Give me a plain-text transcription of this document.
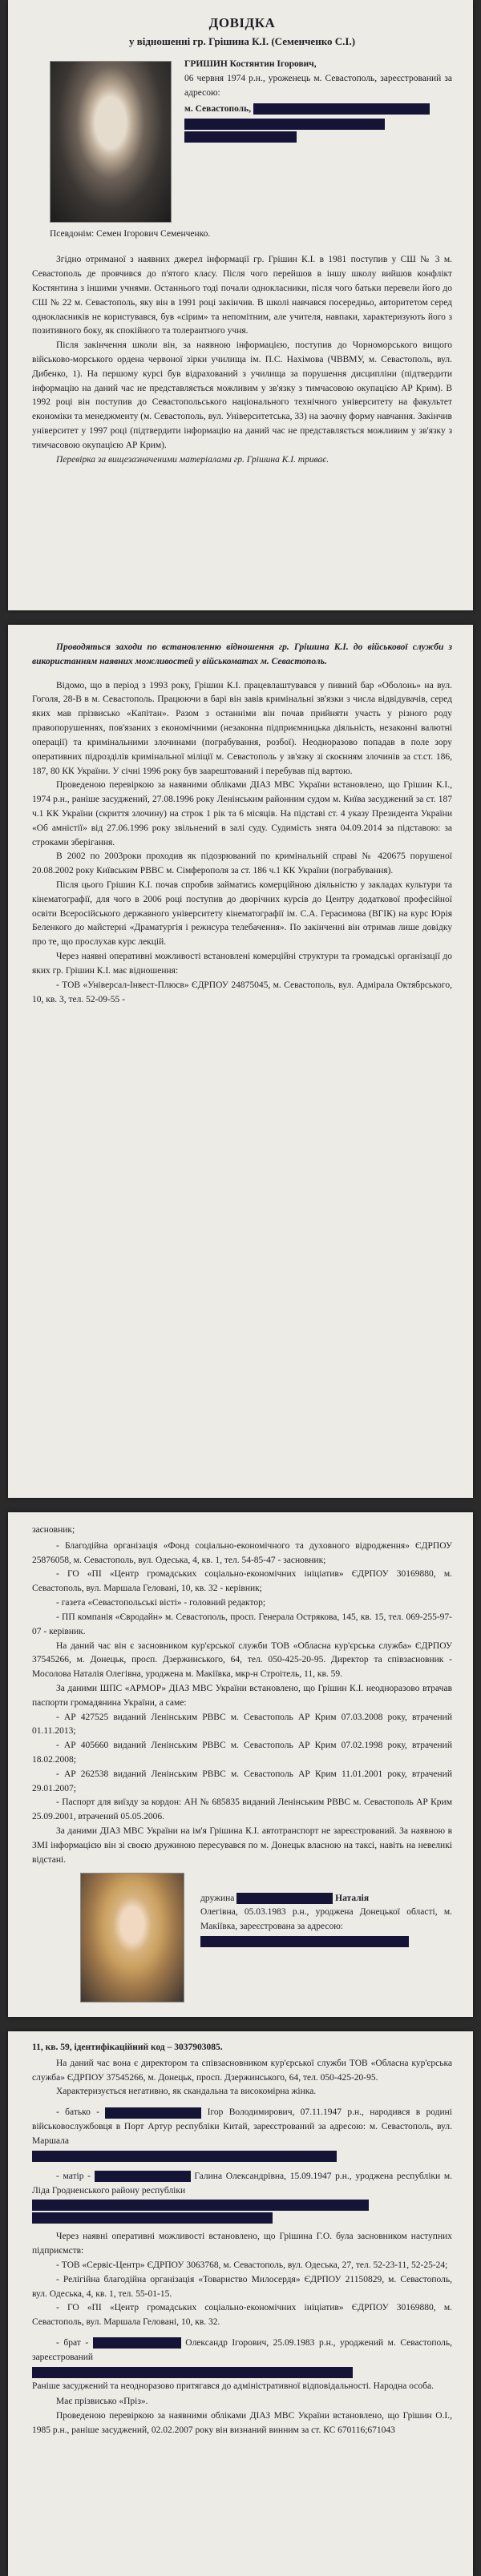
ДОВІДКА
у відношенні гр. Грішина К.І. (Семенченко С.І.)
ГРИШИН Костянтин Ігорович,
06 червня 1974 р.н., уроженець м. Севастополь, зареєстрований за адресою:
м. Севастополь,

Псевдонім: Семен Ігорович Семенченко.

Згідно отриманої з наявних джерел інформації гр. Грішин К.І. в 1981 поступив у СШ № 3 м. Севастополь де провчився до п'ятого класу. Після чого перейшов в іншу школу вийшов конфлікт Костянтина з іншими учнями. Останнього тоді почали однокласники, після чого батьки перевели його до СШ № 22 м. Севастополь, яку він в 1991 році закінчив. В школі навчався посередньо, авторитетом серед однокласників не користувався, був «сірим» та непомітним, але учителя, навпаки, характеризують його з позитивного боку, як спокійного та толерантного учня.

Після закінчення школи він, за наявною інформацією, поступив до Чорноморського вищого військово-морського ордена червоної зірки училища ім. П.С. Нахімова (ЧВВМУ, м. Севастополь, вул. Дибенко, 1). На першому курсі був відрахований з училища за порушення дисципліни (підтвердити інформацію на даний час не представляється можливим у зв'язку з тимчасовою окупацією АР Крим). В 1992 році він поступив до Севастопольського національного технічного університету на факультет економіки та менеджменту (м. Севастополь, вул. Університетська, 33) на заочну форму навчання. Закінчив університет у 1997 році (підтвердити інформацію на даний час не представляється можливим у зв'язку з тимчасовою окупацією АР Крим).

Перевірка за вищезазначеними матеріалами гр. Грішина К.І. триває.

Проводяться заходи по встановленню відношення гр. Грішина К.І. до військової служби з використанням наявних можливостей у військоматах м. Севастополь.

Відомо, що в період з 1993 року, Грішин К.І. працевлаштувався у пивний бар «Оболонь» на вул. Гоголя, 28-В в м. Севастополь. Працюючи в барі він завів кримінальні зв'язки з числа відвідувачів, серед яких мав прізвисько «Капітан». Разом з останніми він почав прийняти участь у рiзного роду правопорушеннях, пов'язаних з економічними (незаконна підприємницька діяльність, незаконні валютні операції) та кримінальними злочинами (пограбування, розбої). Неодноразово попадав в поле зору оперативних підрозділів кримінальної міліції м. Севастополь у зв'язку зі скоєнням злочинів за ст.ст. 186, 187, 80 КК України. У січні 1996 року був заарештований і перебував під вартою.

Проведеною перевіркою за наявними обліками ДІАЗ МВС України встановлено, що Грішин К.І., 1974 р.н., раніше засуджений, 27.08.1996 року Ленінським районним судом м. Київа засуджений за ст. 187 ч.1 КК України (скриття злочину) на строк 1 рік та 6 місяців. На підставі ст. 4 указу Президента України «Об амністії» від 27.06.1996 року звільнений в залі суду. Судимість знята 04.09.2014 за підставою: за строками зберігання.

В 2002 по 2003роки проходив як підозрюваний по кримінальній справі № 420675 порушеної 20.08.2002 року Київським РВВС м. Сімферополя за ст. 186 ч.1 КК України (пограбування).

Після цього Грішин К.І. почав спробив займатись комерційною діяльністю у закладах культури та кінематографії, для чого в 2006 році поступив до дворічних курсів до Центру додаткової професійної освіти Всеросійського державного університету кінематографії ім. С.А. Герасимова (ВГІК) на курс Юрія Беленкого до майстерні «Драматургія і режисура телебачення». По закінченні він отримав лише довідку про те, що прослухав курс лекцій.

Через наявні оперативні можливості встановлені комерційні структури та громадські організації до яких гр. Грішин К.І. має відношення:

- ТОВ «Універсал-Інвест-Плюсв» ЄДРПОУ 24875045, м. Севастополь, вул. Адмірала Октябрського, 10, кв. 3, тел. 52-09-55 -

засновник;

- Благодійна організація «Фонд соціально-економічного та духовного відродження» ЄДРПОУ 25876058, м. Севастополь, вул. Одеська, 4, кв. 1, тел. 54-85-47 - засновник;

- ГО «ПІ «Центр громадських соціально-економічних ініціатив» ЄДРПОУ 30169880, м. Севастополь, вул. Маршала Геловані, 10, кв. 32 - керівник;

- газета «Севастопольські вісті» - головний редактор;

- ПП компанія «Євродайн» м. Севастополь, просп. Генерала Острякова, 145, кв. 15, тел. 069-255-97-07 - керівник.

На даний час він є засновником кур'єрської служби ТОВ «Обласна кур'єрська служба» ЄДРПОУ 37545266, м. Донецьк, просп. Дзержинського, 64, тел. 050-425-20-95. Директор та співзасновник - Мосолова Наталія Олегівна, уроджена м. Макіївка, мкр-н Строітель, 11, кв. 59.

За даними ШПС «АРМОР» ДІАЗ МВС України встановлено, що Грішин К.І. неодноразово втрачав паспорти громадянина України, а саме:

- АР 427525 виданий Ленінським РВВС м. Севастополь АР Крим 07.03.2008 року, втрачений 01.11.2013;

- АР 405660 виданий Ленінським РВВС м. Севастополь АР Крим 07.02.1998 року, втрачений 18.02.2008;

- АР 262538 виданий Ленінським РВВС м. Севастополь АР Крим 11.01.2001 року, втрачений 29.01.2007;

- Паспорт для виїзду за кордон: АН № 685835 виданий Ленінським РВВС м. Севастополь АР Крим 25.09.2001, втрачений 05.05.2006.

За даними ДІАЗ МВС України на ім'я Грішина К.І. автотранспорт не зареєстрований. За наявною в ЗМІ інформацією він зі своєю дружиною пересувався по м. Донецьк власною на таксі, навіть на невеликі відстані.

дружина	Наталія

Олегівна, 05.03.1983 р.н., уроджена Донецької області, м. Макіївка, зареєстрована за адресою:

11, кв. 59, ідентифікаційний код – 3037903085.

На даний час вона є директором та співзасновником кур'єрської служби ТОВ «Обласна кур'єрська служба» ЄДРПОУ 37545266, м. Донецьк, просп. Дзержинського, 64, тел. 050-425-20-95.

Характеризується негативно, як скандальна та високомірна жінка.

- батько -	Ігор Володимирович, 07.11.1947 р.н., народився в родині військовослужбовця в Порт Артур республіки Китай, зареєстрований за адресою: м. Севастополь, вул. Маршала

- матір -	Галина Олександрівна, 15.09.1947 р.н., уроджена республіки м. Ліда Гродненського району республіки

Через наявні оперативні можливості встановлено, що Грішина Г.О. була засновником наступних підприємств:

- ТОВ «Сервіс-Центр» ЄДРПОУ 3063768, м. Севастополь, вул. Одеська, 27, тел. 52-23-11, 52-25-24;

- Релігійна благодійна організація «Товариство Милосердя» ЄДРПОУ 21150829, м. Севастополь, вул. Одеська, 4, кв. 1, тел. 55-01-15.

- ГО «ПІ «Центр громадських соціально-економічних ініціатив» ЄДРПОУ 30169880, м. Севастополь, вул. Маршала Геловані, 10, кв. 32.

- брат -	Олександр Ігорович, 25.09.1983 р.н., уроджений м. Севастополь, зареєстрований

Раніше засуджений та неодноразово притягався до адміністративної відповідальності. Народна особа.

Має прізвисько «Пріз».

Проведеною перевіркою за наявними обліками ДІАЗ МВС України встановлено, що Грішин О.І., 1985 р.н., раніше засуджений, 02.02.2007 року він визнаний винним за ст. КС 670116;671043
